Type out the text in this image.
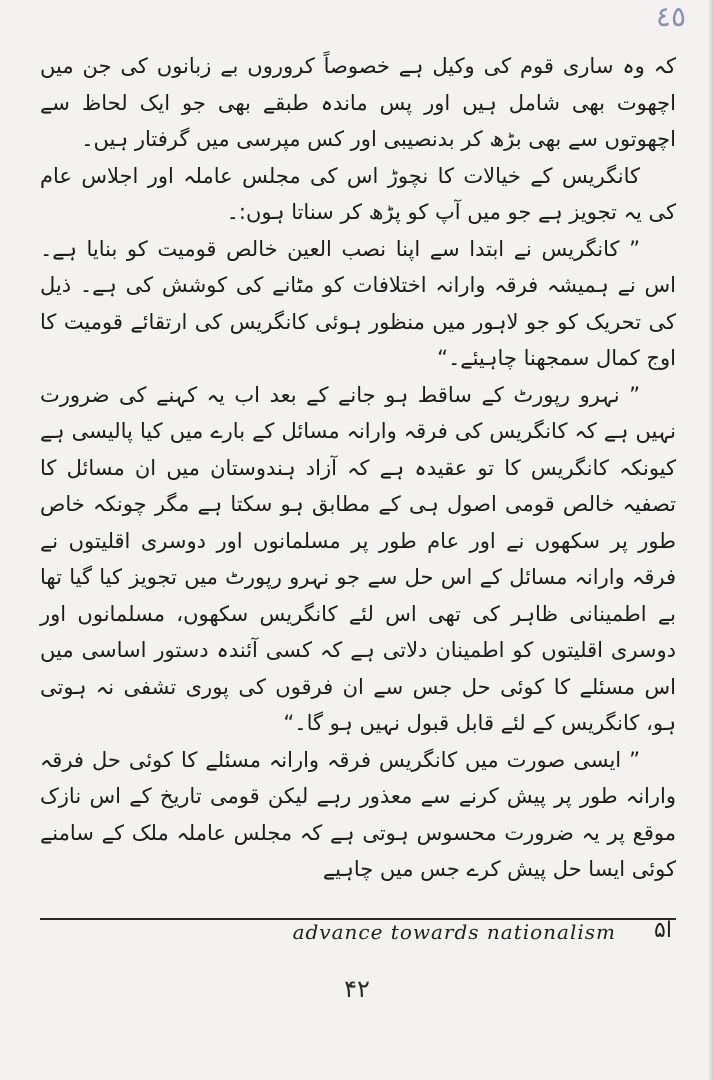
٤٥

کہ وہ ساری قوم کی وکیل ہے خصوصاً کروروں بے زبانوں کی جن میں اچھوت بھی شامل ہیں اور پس ماندہ طبقے بھی جو ایک لحاظ سے اچھوتوں سے بھی بڑھ کر بدنصیبی اور کس مپرسی میں گرفتار ہیں۔

کانگریس کے خیالات کا نچوڑ اس کی مجلس عاملہ اور اجلاس عام کی یہ تجویز ہے جو میں آپ کو پڑھ کر سناتا ہوں:۔

” کانگریس نے ابتدا سے اپنا نصب العین خالص قومیت کو بنایا ہے۔ اس نے ہمیشہ فرقہ وارانہ اختلافات کو مٹانے کی کوشش کی ہے۔ ذیل کی تحریک کو جو لاہور میں منظور ہوئی کانگریس کی ارتقائے قومیت کا اوج کمال سمجھنا چاہیئے۔“

” نہرو رپورٹ کے ساقط ہو جانے کے بعد اب یہ کہنے کی ضرورت نہیں ہے کہ کانگریس کی فرقہ وارانہ مسائل کے بارے میں کیا پالیسی ہے کیونکہ کانگریس کا تو عقیدہ ہے کہ آزاد ہندوستان میں ان مسائل کا تصفیہ خالص قومی اصول ہی کے مطابق ہو سکتا ہے مگر چونکہ خاص طور پر سکھوں نے اور عام طور پر مسلمانوں اور دوسری اقلیتوں نے فرقہ وارانہ مسائل کے اس حل سے جو نہرو رپورٹ میں تجویز کیا گیا تھا بے اطمینانی ظاہر کی تھی اس لئے کانگریس سکھوں، مسلمانوں اور دوسری اقلیتوں کو اطمینان دلاتی ہے کہ کسی آئندہ دستور اساسی میں اس مسئلے کا کوئی حل جس سے ان فرقوں کی پوری تشفی نہ ہوتی ہو، کانگریس کے لئے قابل قبول نہیں ہو گا۔“

” ایسی صورت میں کانگریس فرقہ وارانہ مسئلے کا کوئی حل فرقہ وارانہ طور پر پیش کرنے سے معذور رہے لیکن قومی تاریخ کے اس نازک موقع پر یہ ضرورت محسوس ہوتی ہے کہ مجلس عاملہ ملک کے سامنے کوئی ایسا حل پیش کرے جس میں چاہیے

advance towards nationalism ۵ا
۴۲
